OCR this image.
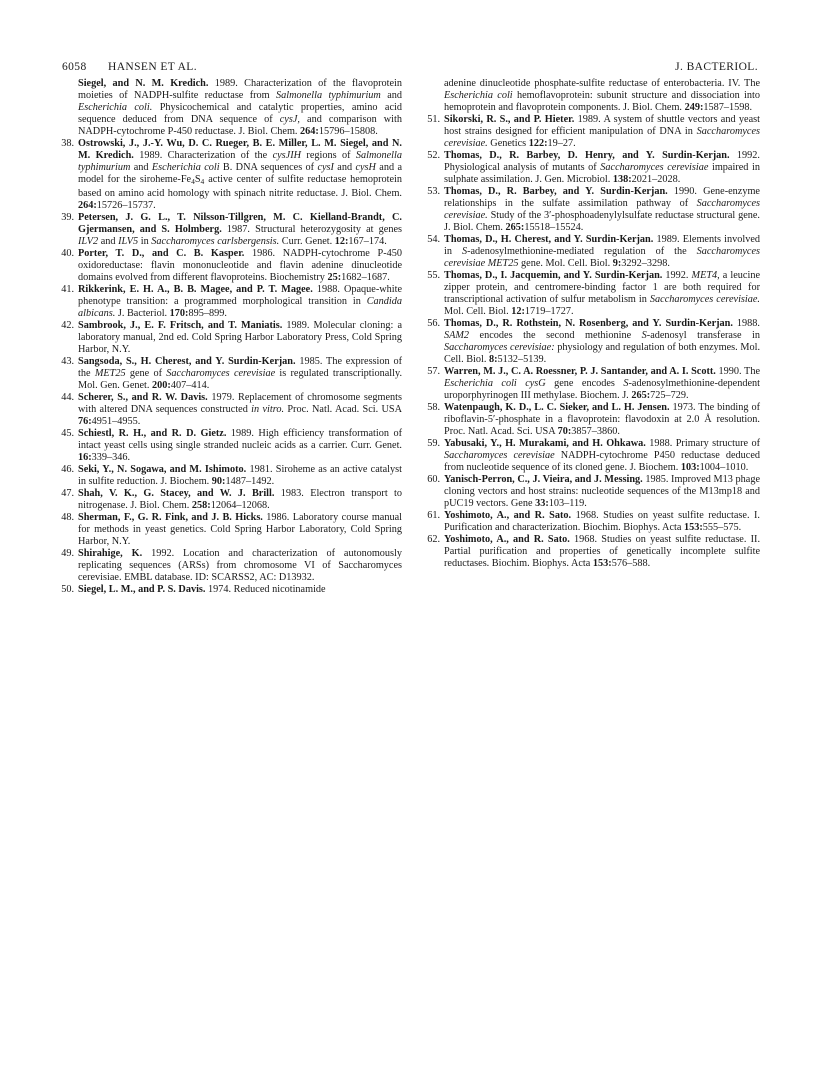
6058 HANSEN ET AL.	J. BACTERIOL.
Siegel, and N. M. Kredich. 1989. Characterization of the flavoprotein moieties of NADPH-sulfite reductase from Salmonella typhimurium and Escherichia coli. Physicochemical and catalytic properties, amino acid sequence deduced from DNA sequence of cysJ, and comparison with NADPH-cytochrome P-450 reductase. J. Biol. Chem. 264:15796–15808.
38 . Ostrowski, J., J.-Y. Wu, D. C. Rueger, B. E. Miller, L. M. Siegel, and N. M. Kredich. 1989. Characterization of the cysJIH regions of Salmonella typhimurium and Escherichia coli B. DNA sequences of cysI and cysH and a model for the siroheme-$Fe_4S_4$ active center of sulfite reductase hemoprotein based on amino acid homology with spinach nitrite reductase. J. Biol. Chem. 264:15726–15737.
39 . Petersen, J. G. L., T. Nilsson-Tillgren, M. C. Kielland-Brandt, C. Gjermansen, and S. Holmberg. 1987. Structural heterozygosity at genes ILV2 and ILV5 in Saccharomyces carlsbergensis. Curr. Genet. 12:167–174.
40 . Porter, T. D., and C. B. Kasper. 1986. NADPH-cytochrome P-450 oxidoreductase: flavin mononucleotide and flavin adenine dinucleotide domains evolved from different flavoproteins. Biochemistry 25:1682–1687.
41 . Rikkerink, E. H. A., B. B. Magee, and P. T. Magee. 1988. Opaque-white phenotype transition: a programmed morphological transition in Candida albicans. J. Bacteriol. 170:895–899.
42 . Sambrook, J., E. F. Fritsch, and T. Maniatis. 1989. Molecular cloning: a laboratory manual, 2nd ed. Cold Spring Harbor Laboratory Press, Cold Spring Harbor, N.Y.
43 . Sangsoda, S., H. Cherest, and Y. Surdin-Kerjan. 1985. The expression of the MET25 gene of Saccharomyces cerevisiae is regulated transcriptionally. Mol. Gen. Genet. 200:407–414.
44 . Scherer, S., and R. W. Davis. 1979. Replacement of chromosome segments with altered DNA sequences constructed in vitro. Proc. Natl. Acad. Sci. USA 76:4951–4955.
45 . Schiestl, R. H., and R. D. Gietz. 1989. High efficiency transformation of intact yeast cells using single stranded nucleic acids as a carrier. Curr. Genet. 16:339–346.
46 . Seki, Y., N. Sogawa, and M. Ishimoto. 1981. Siroheme as an active catalyst in sulfite reduction. J. Biochem. 90:1487–1492.
47 . Shah, V. K., G. Stacey, and W. J. Brill. 1983. Electron transport to nitrogenase. J. Biol. Chem. 258:12064–12068.
48 . Sherman, F., G. R. Fink, and J. B. Hicks. 1986. Laboratory course manual for methods in yeast genetics. Cold Spring Harbor Laboratory, Cold Spring Harbor, N.Y.
49 . Shirahige, K. 1992. Location and characterization of autonomously replicating sequences (ARSs) from chromosome VI of Saccharomyces cerevisiae. EMBL database. ID: SCARSS2, AC: D13932.
50 . Siegel, L. M., and P. S. Davis. 1974. Reduced nicotinamide
adenine dinucleotide phosphate-sulfite reductase of enterobacteria. IV. The Escherichia coli hemoflavoprotein: subunit structure and dissociation into hemoprotein and flavoprotein components. J. Biol. Chem. 249:1587–1598.
51 . Sikorski, R. S., and P. Hieter. 1989. A system of shuttle vectors and yeast host strains designed for efficient manipulation of DNA in Saccharomyces cerevisiae. Genetics 122:19–27.
52 . Thomas, D., R. Barbey, D. Henry, and Y. Surdin-Kerjan. 1992. Physiological analysis of mutants of Saccharomyces cerevisiae impaired in sulphate assimilation. J. Gen. Microbiol. 138:2021–2028.
53 . Thomas, D., R. Barbey, and Y. Surdin-Kerjan. 1990. Gene-enzyme relationships in the sulfate assimilation pathway of Saccharomyces cerevisiae. Study of the 3′-phosphoadenylylsulfate reductase structural gene. J. Biol. Chem. 265:15518–15524.
54 . Thomas, D., H. Cherest, and Y. Surdin-Kerjan. 1989. Elements involved in S-adenosylmethionine-mediated regulation of the Saccharomyces cerevisiae MET25 gene. Mol. Cell. Biol. 9:3292–3298.
55 . Thomas, D., I. Jacquemin, and Y. Surdin-Kerjan. 1992. MET4, a leucine zipper protein, and centromere-binding factor 1 are both required for transcriptional activation of sulfur metabolism in Saccharomyces cerevisiae. Mol. Cell. Biol. 12:1719–1727.
56 . Thomas, D., R. Rothstein, N. Rosenberg, and Y. Surdin-Kerjan. 1988. SAM2 encodes the second methionine S-adenosyl transferase in Saccharomyces cerevisiae: physiology and regulation of both enzymes. Mol. Cell. Biol. 8:5132–5139.
57 . Warren, M. J., C. A. Roessner, P. J. Santander, and A. I. Scott. 1990. The Escherichia coli cysG gene encodes S-adenosylmethionine-dependent uroporphyrinogen III methylase. Biochem. J. 265:725–729.
58 . Watenpaugh, K. D., L. C. Sieker, and L. H. Jensen. 1973. The binding of riboflavin-5′-phosphate in a flavoprotein: flavodoxin at 2.0 Å resolution. Proc. Natl. Acad. Sci. USA 70:3857–3860.
59 . Yabusaki, Y., H. Murakami, and H. Ohkawa. 1988. Primary structure of Saccharomyces cerevisiae NADPH-cytochrome P450 reductase deduced from nucleotide sequence of its cloned gene. J. Biochem. 103:1004–1010.
60 . Yanisch-Perron, C., J. Vieira, and J. Messing. 1985. Improved M13 phage cloning vectors and host strains: nucleotide sequences of the M13mp18 and pUC19 vectors. Gene 33:103–119.
61 . Yoshimoto, A., and R. Sato. 1968. Studies on yeast sulfite reductase. I. Purification and characterization. Biochim. Biophys. Acta 153:555–575.
62 . Yoshimoto, A., and R. Sato. 1968. Studies on yeast sulfite reductase. II. Partial purification and properties of genetically incomplete sulfite reductases. Biochim. Biophys. Acta 153:576–588.
